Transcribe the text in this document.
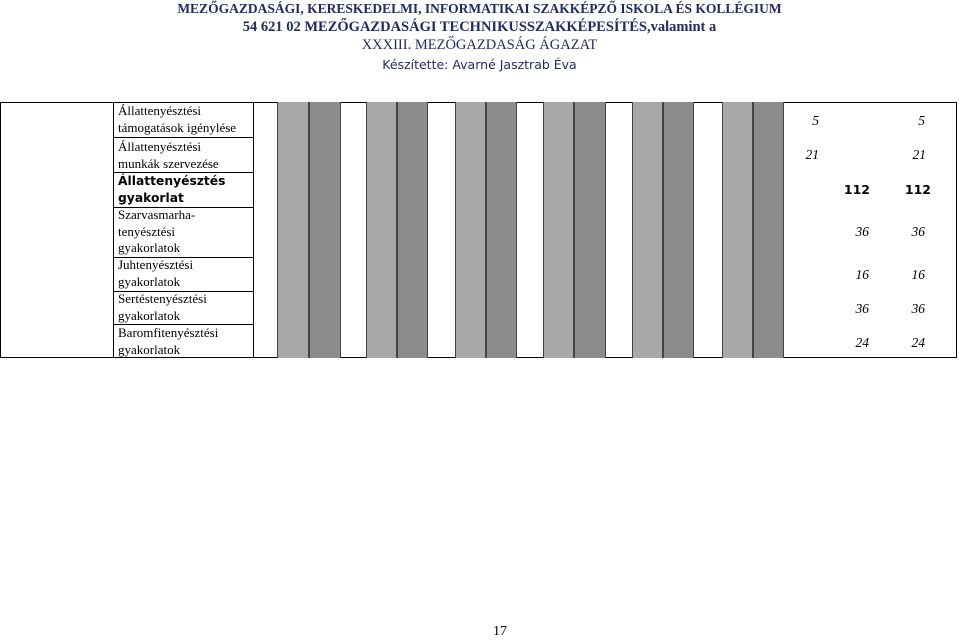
MEZŐGAZDASÁGI, KERESKEDELMI, INFORMATIKAI SZAKKÉPZŐ ISKOLA ÉS KOLLÉGIUM
54 621 02 MEZŐGAZDASÁGI TECHNIKUSSZAKKÉPESÍTÉS,valamint a
XXXIII. MEZŐGAZDASÁG ÁGAZAT
Készítette: Avarné Jasztrab Éva
Állattenyésztési
támogatások igénylése
Állattenyésztési
munkák szervezése
Állattenyésztés
gyakorlat
Szarvasmarha-
tenyésztési
gyakorlatok
Juhtenyésztési
gyakorlatok
Sertéstenyésztési
gyakorlatok
Baromfitenyésztési
gyakorlatok
5
21
112
36
16
36
24
5
21
112
36
16
36
24
17
